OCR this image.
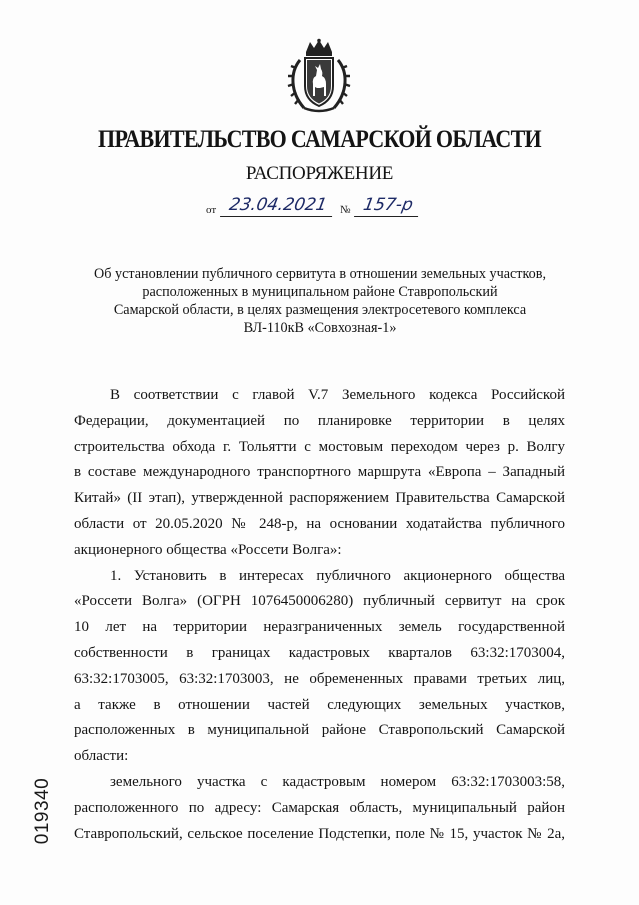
ПРАВИТЕЛЬСТВО САМАРСКОЙ ОБЛАСТИ
РАСПОРЯЖЕНИЕ
от 23.04.2021	№ 157-р
Об установлении публичного сервитута в отношении земельных участков,
расположенных в муниципальном районе Ставропольский
Самарской области, в целях размещения электросетевого комплекса
ВЛ-110кВ «Совхозная-1»
В соответствии с главой V.7 Земельного кодекса Российской
Федерации, документацией по планировке территории в целях
строительства обхода г. Тольятти с мостовым переходом через р. Волгу
в составе международного транспортного маршрута «Европа – Западный
Китай» (II этап), утвержденной распоряжением Правительства Самарской
области от 20.05.2020 № 248-р, на основании ходатайства публичного
акционерного общества «Россети Волга»:
1. Установить в интересах публичного акционерного общества
«Россети Волга» (ОГРН 1076450006280) публичный сервитут на срок
10 лет на территории неразграниченных земель государственной
собственности в границах кадастровых кварталов 63:32:1703004,
63:32:1703005, 63:32:1703003, не обремененных правами третьих лиц,
а также в отношении частей следующих земельных участков,
расположенных в муниципальной районе Ставропольский Самарской
области:
земельного участка с кадастровым номером 63:32:1703003:58,
расположенного по адресу: Самарская область, муниципальный район
Ставропольский, сельское поселение Подстепки, поле № 15, участок № 2а,
019340
